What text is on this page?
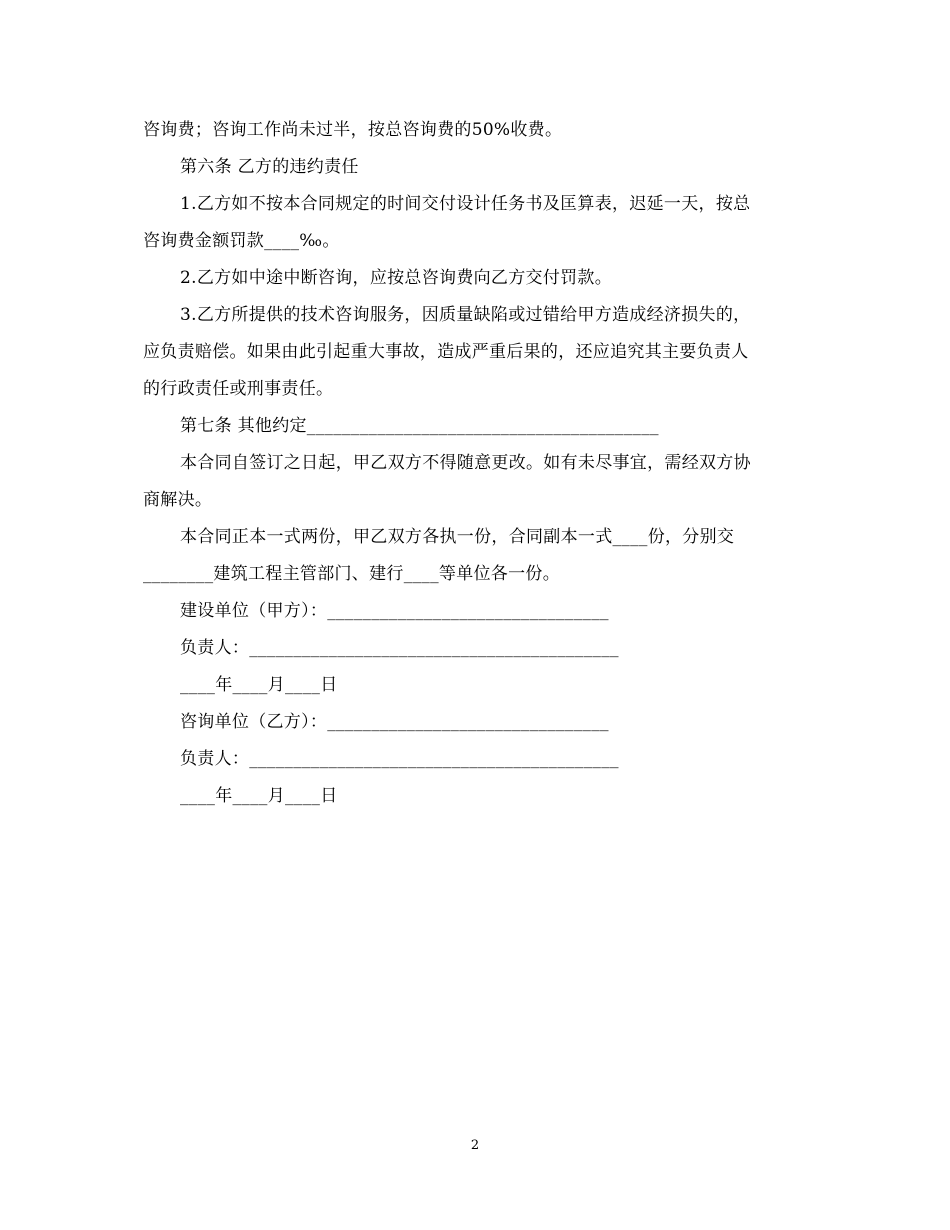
咨询费；咨询工作尚未过半，按总咨询费的50%收费。
第六条 乙方的违约责任
1.乙方如不按本合同规定的时间交付设计任务书及匡算表，迟延一天，按总
咨询费金额罚款____‰。
2.乙方如中途中断咨询，应按总咨询费向乙方交付罚款。
3.乙方所提供的技术咨询服务，因质量缺陷或过错给甲方造成经济损失的，
应负责赔偿。如果由此引起重大事故，造成严重后果的，还应追究其主要负责人
的行政责任或刑事责任。
第七条 其他约定________________________________________
本合同自签订之日起，甲乙双方不得随意更改。如有未尽事宜，需经双方协
商解决。
本合同正本一式两份，甲乙双方各执一份，合同副本一式____份，分别交
________建筑工程主管部门、建行____等单位各一份。
建设单位（甲方）：________________________________
负责人：__________________________________________
____年____月____日
咨询单位（乙方）：________________________________
负责人：__________________________________________
____年____月____日
2
